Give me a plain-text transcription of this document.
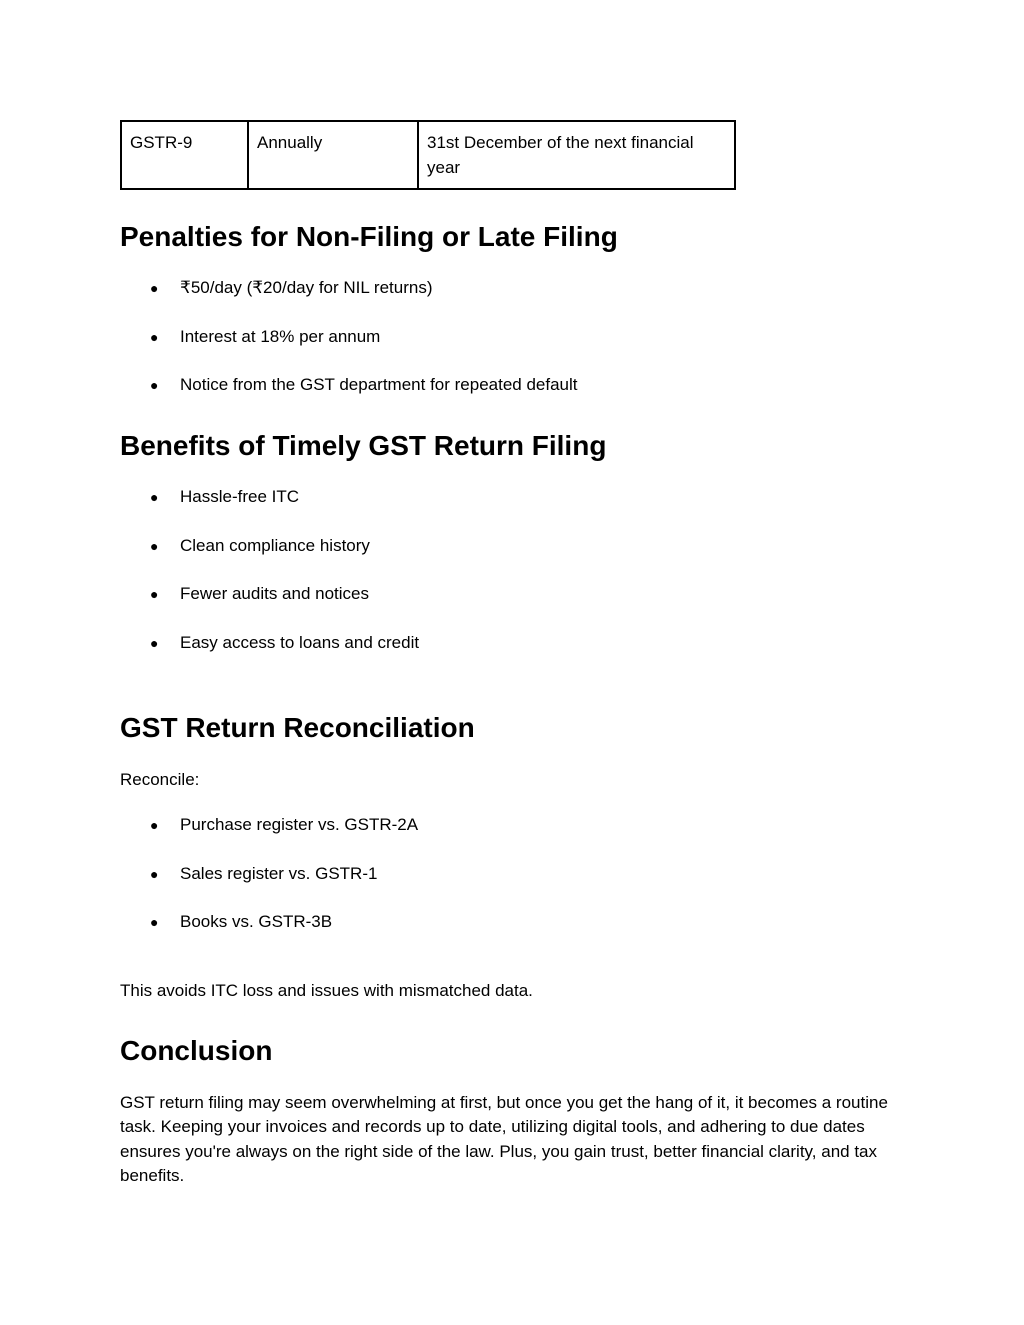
GSTR-9	Annually	31st December of the next financial year
Penalties for Non-Filing or Late Filing
● ₹50/day (₹20/day for NIL returns)
● Interest at 18% per annum
● Notice from the GST department for repeated default
Benefits of Timely GST Return Filing
● Hassle-free ITC
● Clean compliance history
● Fewer audits and notices
● Easy access to loans and credit
GST Return Reconciliation

Reconcile:

● Purchase register vs. GSTR-2A
● Sales register vs. GSTR-1
● Books vs. GSTR-3B

This avoids ITC loss and issues with mismatched data.

Conclusion

GST return filing may seem overwhelming at first, but once you get the hang of it, it becomes a routine task. Keeping your invoices and records up to date, utilizing digital tools, and adhering to due dates ensures you're always on the right side of the law. Plus, you gain trust, better financial clarity, and tax benefits.
